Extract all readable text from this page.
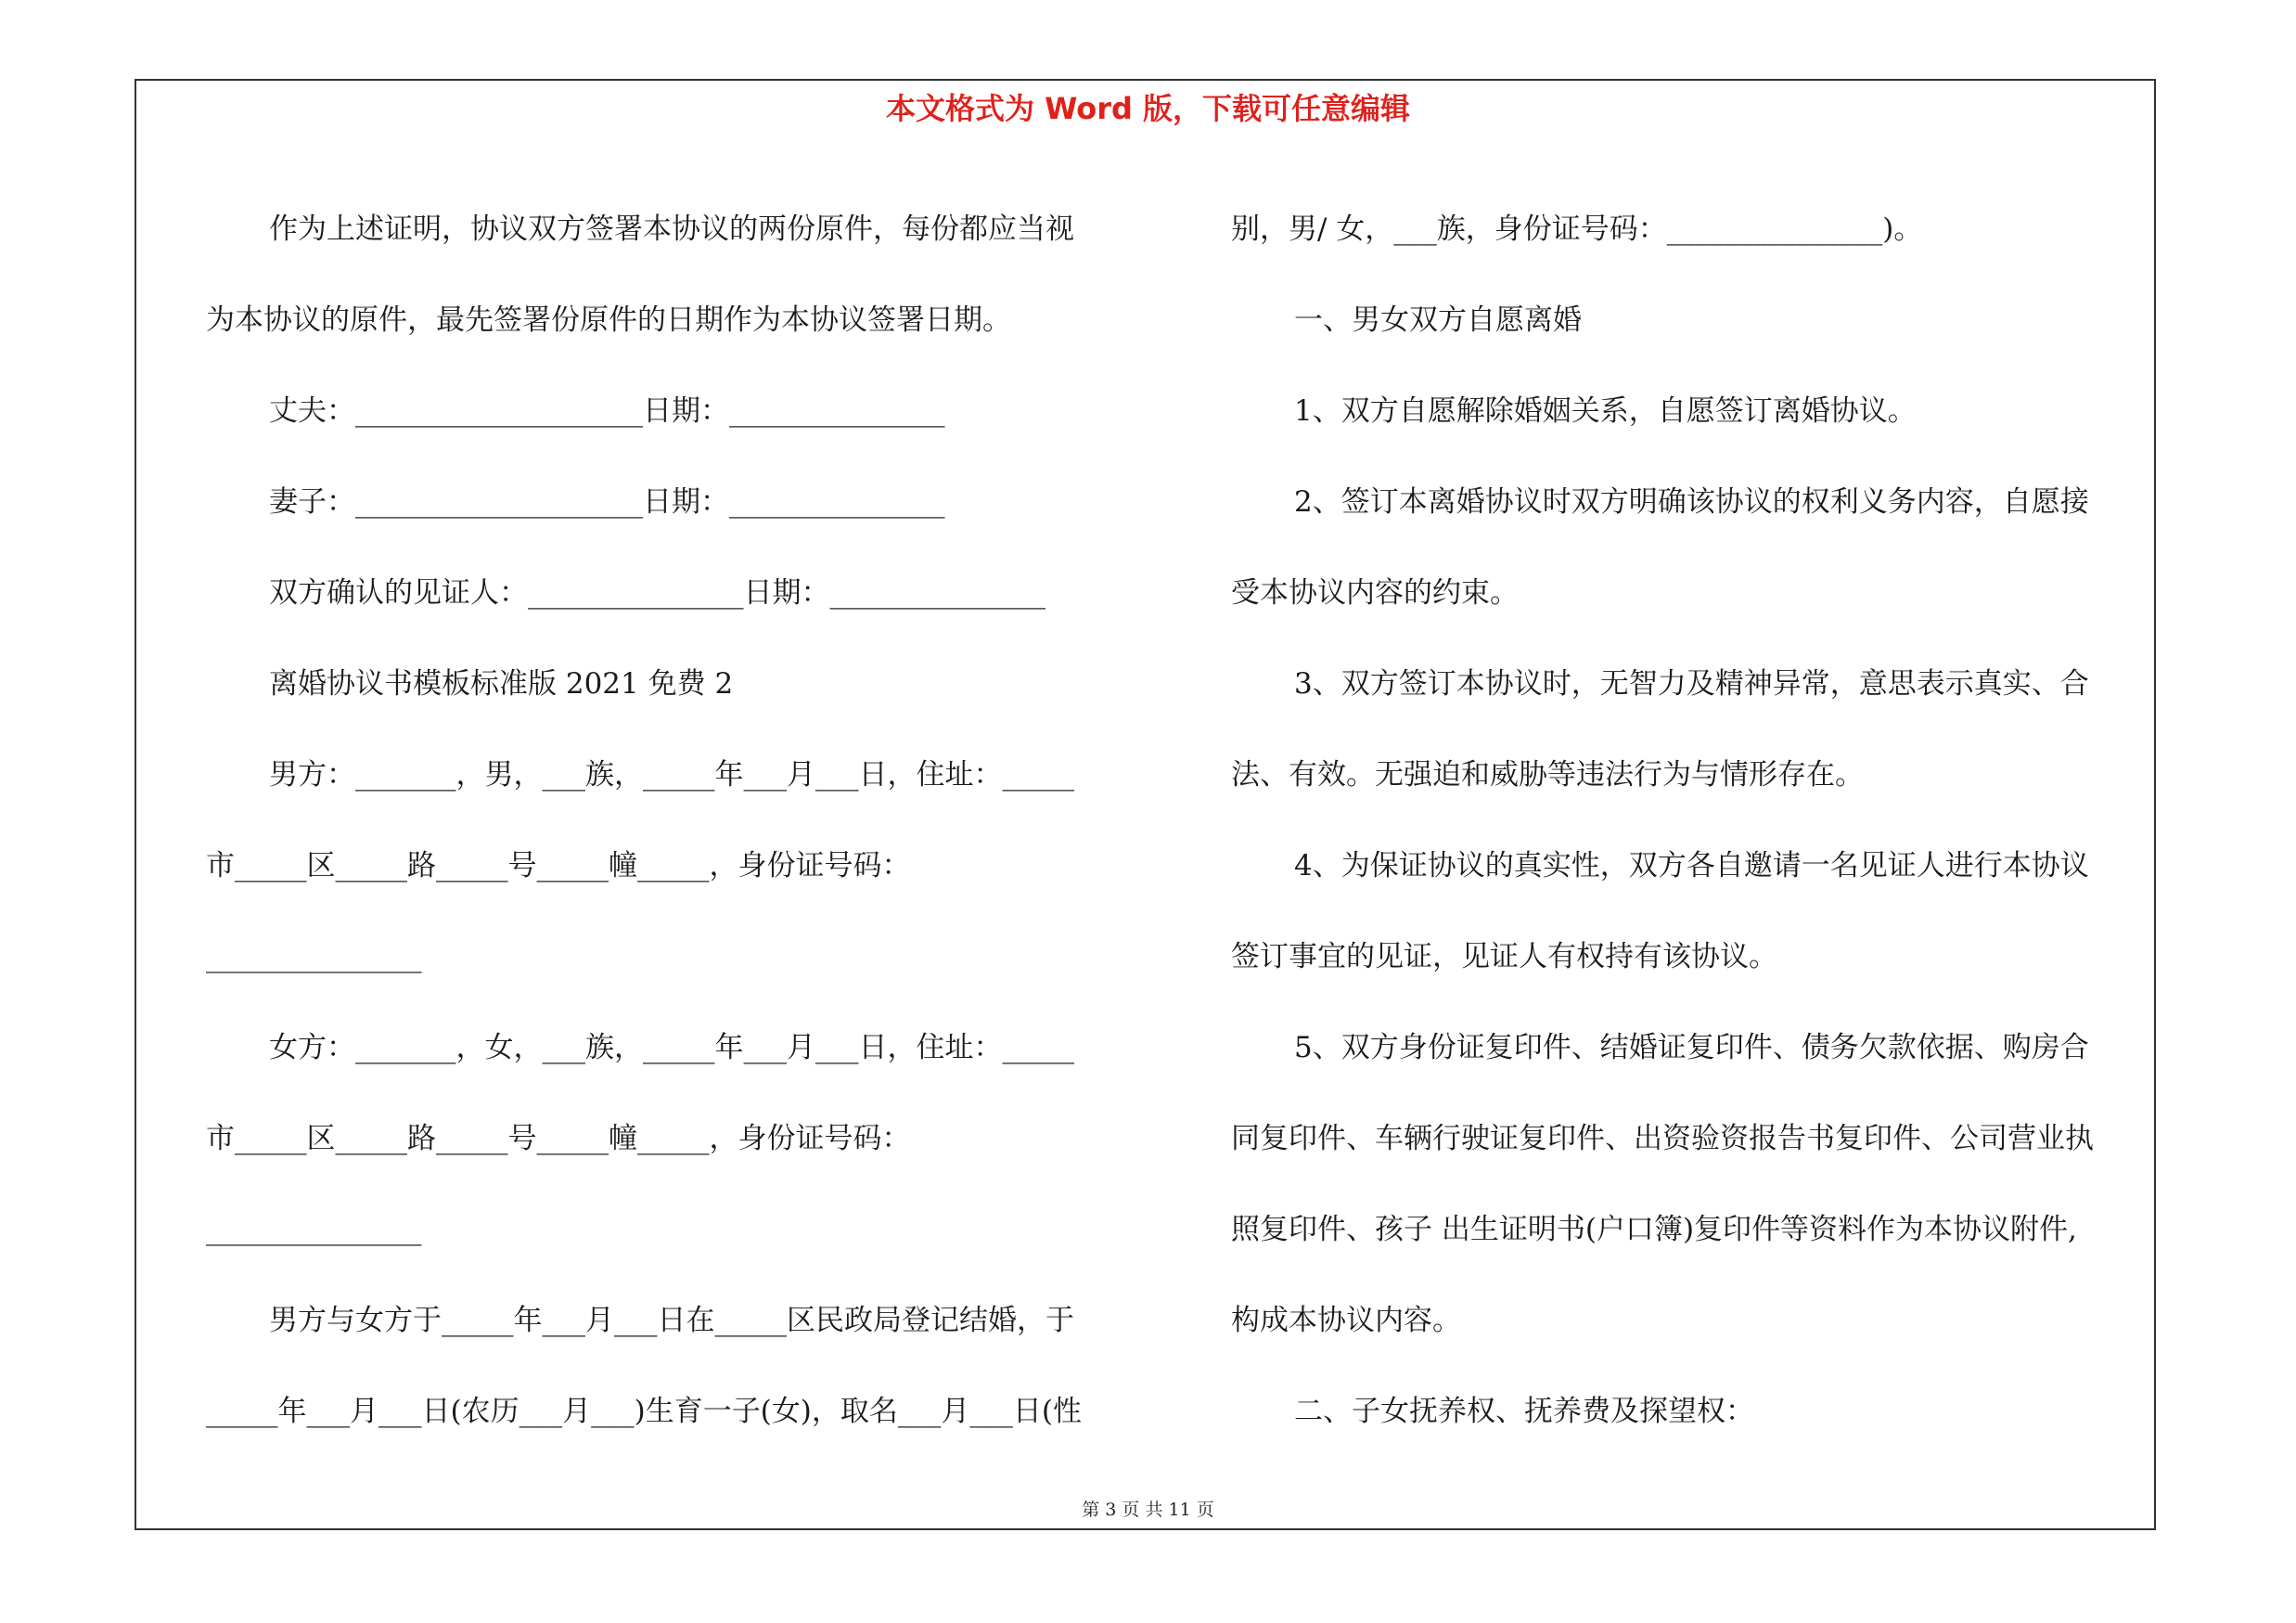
本文格式为 Word 版，下载可任意编辑
作为上述证明，协议双方签署本协议的两份原件，每份都应当视
为本协议的原件，最先签署份原件的日期作为本协议签署日期。
丈夫：____________________日期：_______________
妻子：____________________日期：_______________
双方确认的见证人：_______________日期：_______________
离婚协议书模板标准版 2021 免费 2
男方：_______，男，___族，_____年___月___日，住址：_____
市_____区_____路_____号_____幢_____，身份证号码：
_______________
女方：_______，女，___族，_____年___月___日，住址：_____
市_____区_____路_____号_____幢_____，身份证号码：
_______________
男方与女方于_____年___月___日在_____区民政局登记结婚，于
_____年___月___日(农历___月___)生育一子(女)，取名___月___日(性
别，男/ 女，___族，身份证号码：_______________)。
一、男女双方自愿离婚
1、双方自愿解除婚姻关系，自愿签订离婚协议。
2、签订本离婚协议时双方明确该协议的权利义务内容，自愿接
受本协议内容的约束。
3、双方签订本协议时，无智力及精神异常，意思表示真实、合
法、有效。无强迫和威胁等违法行为与情形存在。
4、为保证协议的真实性，双方各自邀请一名见证人进行本协议
签订事宜的见证，见证人有权持有该协议。
5、双方身份证复印件、结婚证复印件、债务欠款依据、购房合
同复印件、车辆行驶证复印件、出资验资报告书复印件、公司营业执
照复印件、孩子 出生证明书(户口簿)复印件等资料作为本协议附件,
构成本协议内容。
二、子女抚养权、抚养费及探望权：
第 3 页 共 11 页
